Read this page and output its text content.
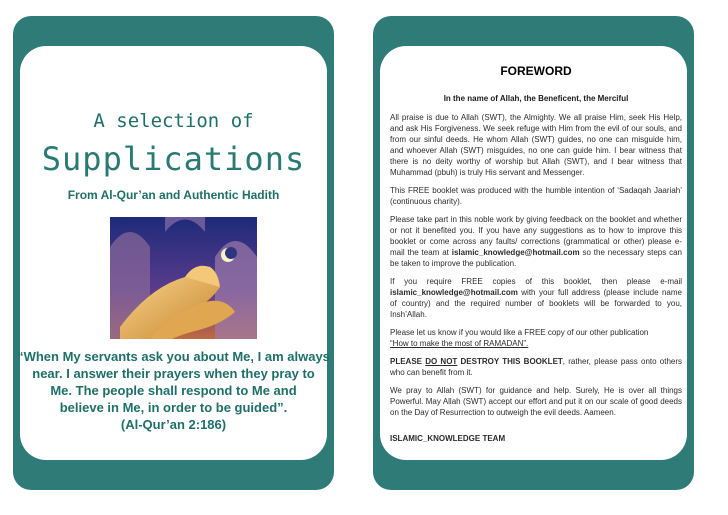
A selection of
Supplications
From Al-Qur’an and Authentic Hadith
“When My servants ask you about Me, I am always
near. I answer their prayers when they pray to
Me. The people shall respond to Me and
believe in Me, in order to be guided”.
(Al-Qur’an 2:186)
FOREWORD
In the name of Allah, the Beneficent, the Merciful

All praise is due to Allah (SWT), the Almighty. We all praise Him, seek His Help, and ask His Forgiveness. We seek refuge with Him from the evil of our souls, and from our sinful deeds. He whom Allah (SWT) guides, no one can misguide him, and whoever Allah (SWT) misguides, no one can guide him. I bear witness that there is no deity worthy of worship but Allah (SWT), and I bear witness that Muhammad (pbuh) is truly His servant and Messenger.

This FREE booklet was produced with the humble intention of ‘Sadaqah Jaariah’ (continuous charity).

Please take part in this noble work by giving feedback on the booklet and whether or not it benefited you. If you have any suggestions as to how to improve this booklet or come across any faults/ corrections (grammatical or other) please e-mail the team at islamic_knowledge@hotmail.com so the necessary steps can be taken to improve the publication.

If you require FREE copies of this booklet, then please e-mail islamic_knowledge@hotmail.com with your full address (please include name of country) and the required number of booklets will be forwarded to you, Insh’Allah.

Please let us know if you would like a FREE copy of our other publication
“How to make the most of RAMADAN”.

PLEASE DO NOT DESTROY THIS BOOKLET, rather, please pass onto others who can benefit from it.

We pray to Allah (SWT) for guidance and help. Surely, He is over all things Powerful. May Allah (SWT) accept our effort and put it on our scale of good deeds on the Day of Resurrection to outweigh the evil deeds. Aameen.

ISLAMIC_KNOWLEDGE TEAM
